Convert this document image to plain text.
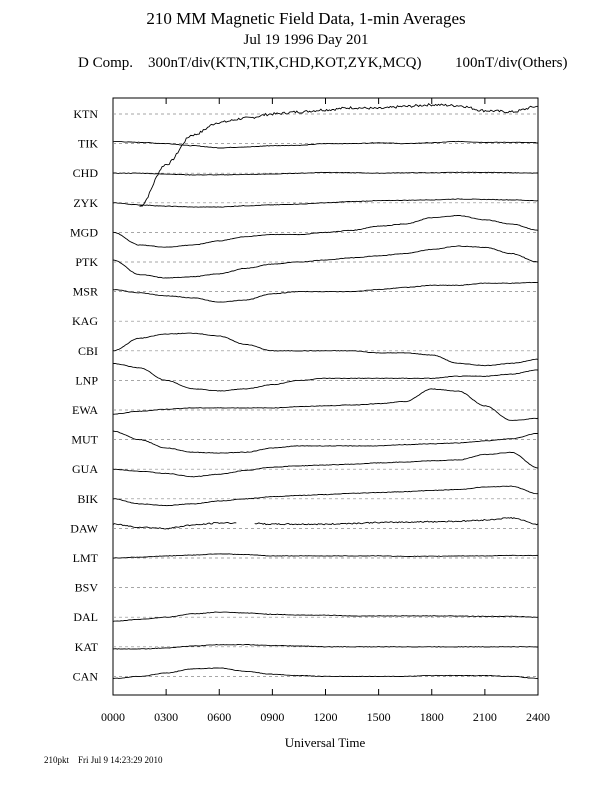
210 MM Magnetic Field Data, 1-min Averages
Jul 19 1996 Day 201
D Comp. 300nT/div(KTN,TIK,CHD,KOT,ZYK,MCQ) 100nT/div(Others)
KTN
TIK
CHD
ZYK
MGD
PTK
MSR
KAG
CBI
LNP
EWA
MUT
GUA
BIK
DAW
LMT
BSV
DAL
KAT
CAN
0000 0300 0600 0900 1200 1500 1800 2100 2400
Universal Time
210pkt Fri Jul 9 14:23:29 2010
